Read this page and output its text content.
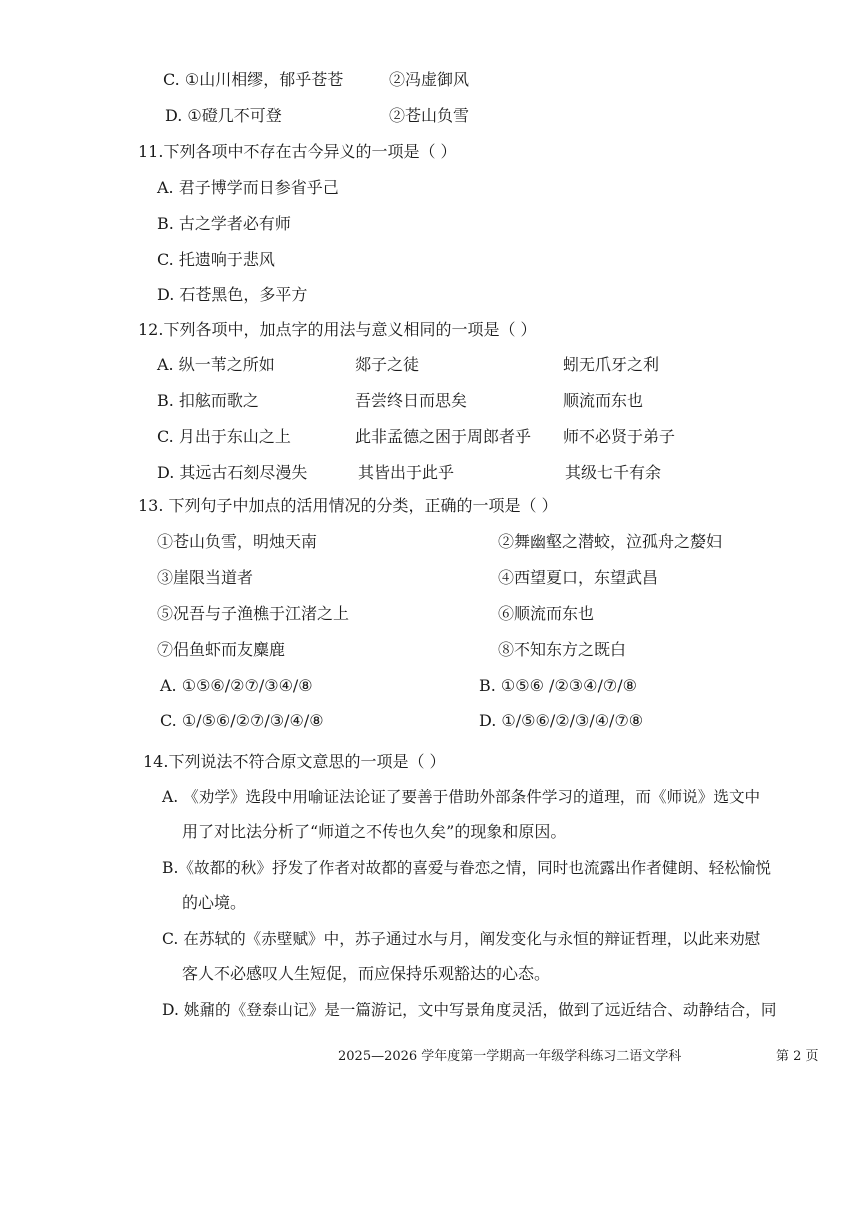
C. ①山川相缪，郁乎苍苍	②冯虚御风
D. ①磴几不可登	②苍山负雪
11.下列各项中不存在古今异义的一项是（ ）
A. 君子博学而日参省乎己
B. 古之学者必有师
C. 托遗响于悲风
D. 石苍黑色，多平方
12.下列各项中，加点字的用法与意义相同的一项是（ ）
A. 纵一苇之所如	郯子之徒	蚓无爪牙之利
B. 扣舷而歌之	吾尝终日而思矣	顺流而东也
C. 月出于东山之上	此非孟德之困于周郎者乎 师不必贤于弟子
D. 其远古石刻尽漫失	其皆出于此乎	其级七千有余
13. 下列句子中加点的活用情况的分类，正确的一项是（ ）
①苍山负雪，明烛天南	②舞幽壑之潜蛟，泣孤舟之嫠妇
③崖限当道者	④西望夏口，东望武昌
⑤况吾与子渔樵于江渚之上	⑥顺流而东也
⑦侣鱼虾而友麋鹿	⑧不知东方之既白
A. ①⑤⑥/②⑦/③④/⑧	B. ①⑤⑥ /②③④/⑦/⑧
C. ①/⑤⑥/②⑦/③/④/⑧	D. ①/⑤⑥/②/③/④/⑦⑧
14.下列说法不符合原文意思的一项是（ ）
A. 《劝学》选段中用喻证法论证了要善于借助外部条件学习的道理，而《师说》选文中
用了对比法分析了“师道之不传也久矣”的现象和原因。
B.《故都的秋》抒发了作者对故都的喜爱与眷恋之情，同时也流露出作者健朗、轻松愉悦
的心境。
C. 在苏轼的《赤壁赋》中，苏子通过水与月，阐发变化与永恒的辩证哲理，以此来劝慰
客人不必感叹人生短促，而应保持乐观豁达的心态。
D. 姚鼐的《登泰山记》是一篇游记，文中写景角度灵活，做到了远近结合、动静结合，同
2025—2026 学年度第一学期高一年级学科练习二语文学科	第 2 页
